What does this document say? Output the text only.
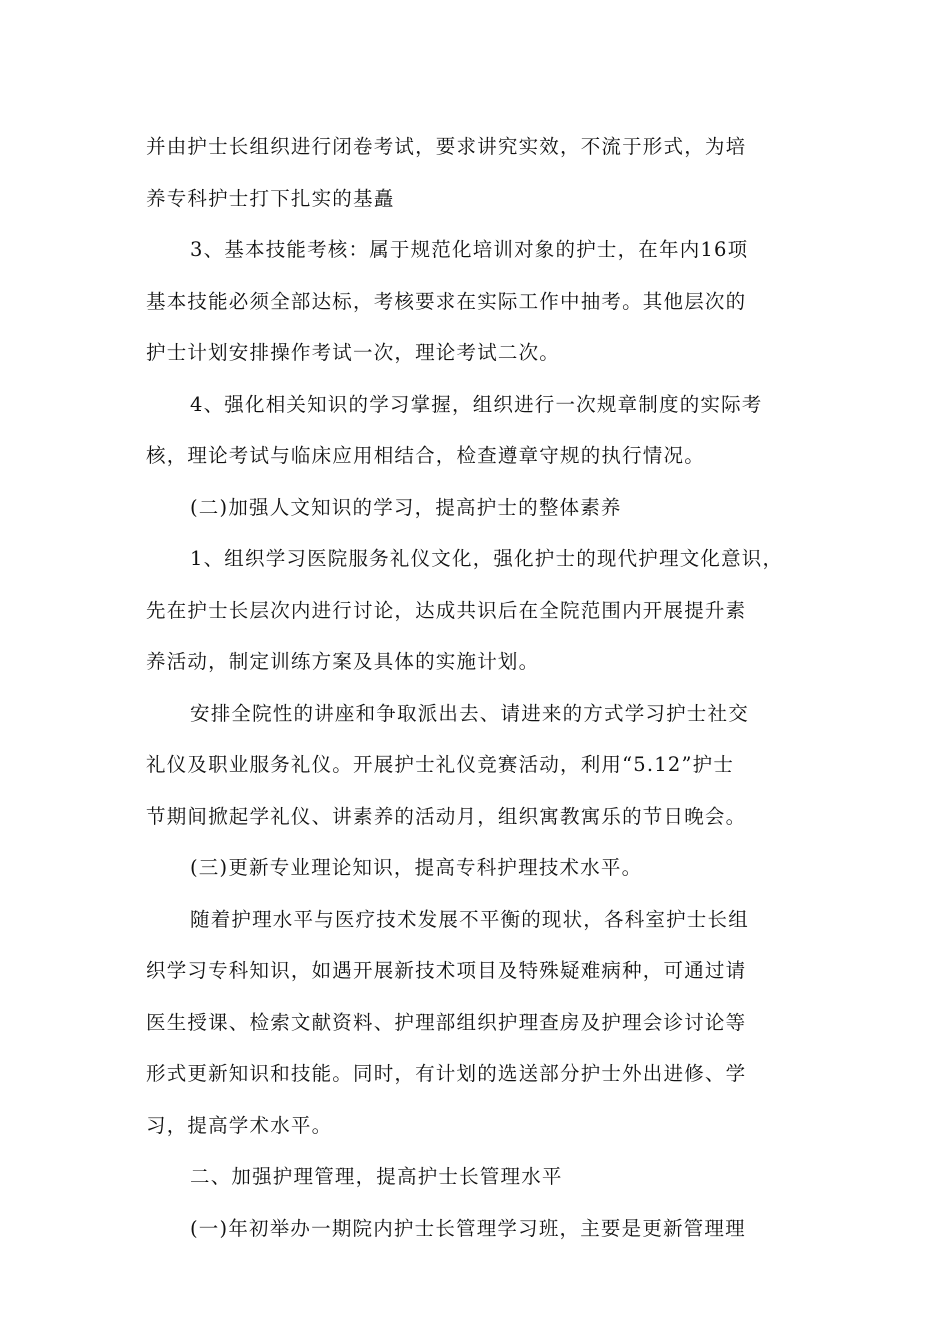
并由护士长组织进行闭卷考试，要求讲究实效，不流于形式，为培
养专科护士打下扎实的基矗
3、基本技能考核：属于规范化培训对象的护士，在年内16项
基本技能必须全部达标，考核要求在实际工作中抽考。其他层次的
护士计划安排操作考试一次，理论考试二次。
4、强化相关知识的学习掌握，组织进行一次规章制度的实际考
核，理论考试与临床应用相结合，检查遵章守规的执行情况。
(二)加强人文知识的学习，提高护士的整体素养
1、组织学习医院服务礼仪文化，强化护士的现代护理文化意识，
先在护士长层次内进行讨论，达成共识后在全院范围内开展提升素
养活动，制定训练方案及具体的实施计划。
安排全院性的讲座和争取派出去、请进来的方式学习护士社交
礼仪及职业服务礼仪。开展护士礼仪竞赛活动，利用“5.12”护士
节期间掀起学礼仪、讲素养的活动月，组织寓教寓乐的节日晚会。
(三)更新专业理论知识，提高专科护理技术水平。
随着护理水平与医疗技术发展不平衡的现状，各科室护士长组
织学习专科知识，如遇开展新技术项目及特殊疑难病种，可通过请
医生授课、检索文献资料、护理部组织护理查房及护理会诊讨论等
形式更新知识和技能。同时，有计划的选送部分护士外出进修、学
习，提高学术水平。
二、加强护理管理，提高护士长管理水平
(一)年初举办一期院内护士长管理学习班，主要是更新管理理
